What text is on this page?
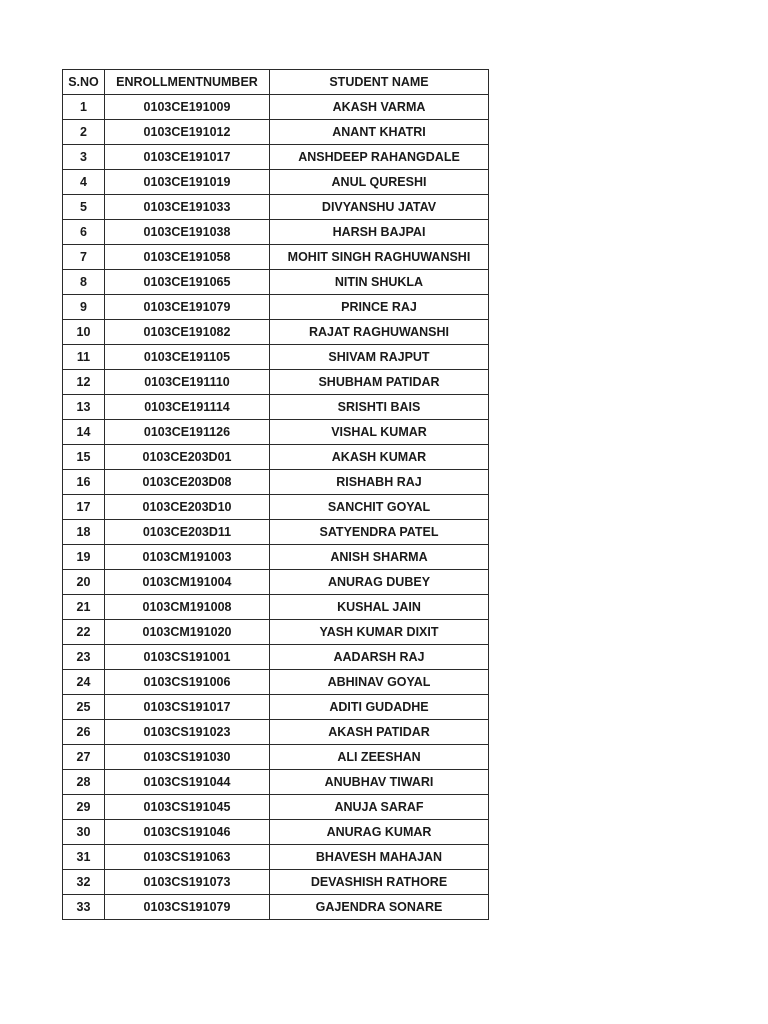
S.NO	ENROLLMENTNUMBER	STUDENT NAME
1	0103CE191009	AKASH VARMA
2	0103CE191012	ANANT KHATRI
3	0103CE191017	ANSHDEEP RAHANGDALE
4	0103CE191019	ANUL QURESHI
5	0103CE191033	DIVYANSHU JATAV
6	0103CE191038	HARSH BAJPAI
7	0103CE191058	MOHIT SINGH RAGHUWANSHI
8	0103CE191065	NITIN SHUKLA
9	0103CE191079	PRINCE RAJ
10	0103CE191082	RAJAT RAGHUWANSHI
11	0103CE191105	SHIVAM RAJPUT
12	0103CE191110	SHUBHAM PATIDAR
13	0103CE191114	SRISHTI BAIS
14	0103CE191126	VISHAL KUMAR
15	0103CE203D01	AKASH KUMAR
16	0103CE203D08	RISHABH RAJ
17	0103CE203D10	SANCHIT GOYAL
18	0103CE203D11	SATYENDRA PATEL
19	0103CM191003	ANISH SHARMA
20	0103CM191004	ANURAG DUBEY
21	0103CM191008	KUSHAL JAIN
22	0103CM191020	YASH KUMAR DIXIT
23	0103CS191001	AADARSH RAJ
24	0103CS191006	ABHINAV GOYAL
25	0103CS191017	ADITI GUDADHE
26	0103CS191023	AKASH PATIDAR
27	0103CS191030	ALI ZEESHAN
28	0103CS191044	ANUBHAV TIWARI
29	0103CS191045	ANUJA SARAF
30	0103CS191046	ANURAG KUMAR
31	0103CS191063	BHAVESH MAHAJAN
32	0103CS191073	DEVASHISH RATHORE
33	0103CS191079	GAJENDRA SONARE
